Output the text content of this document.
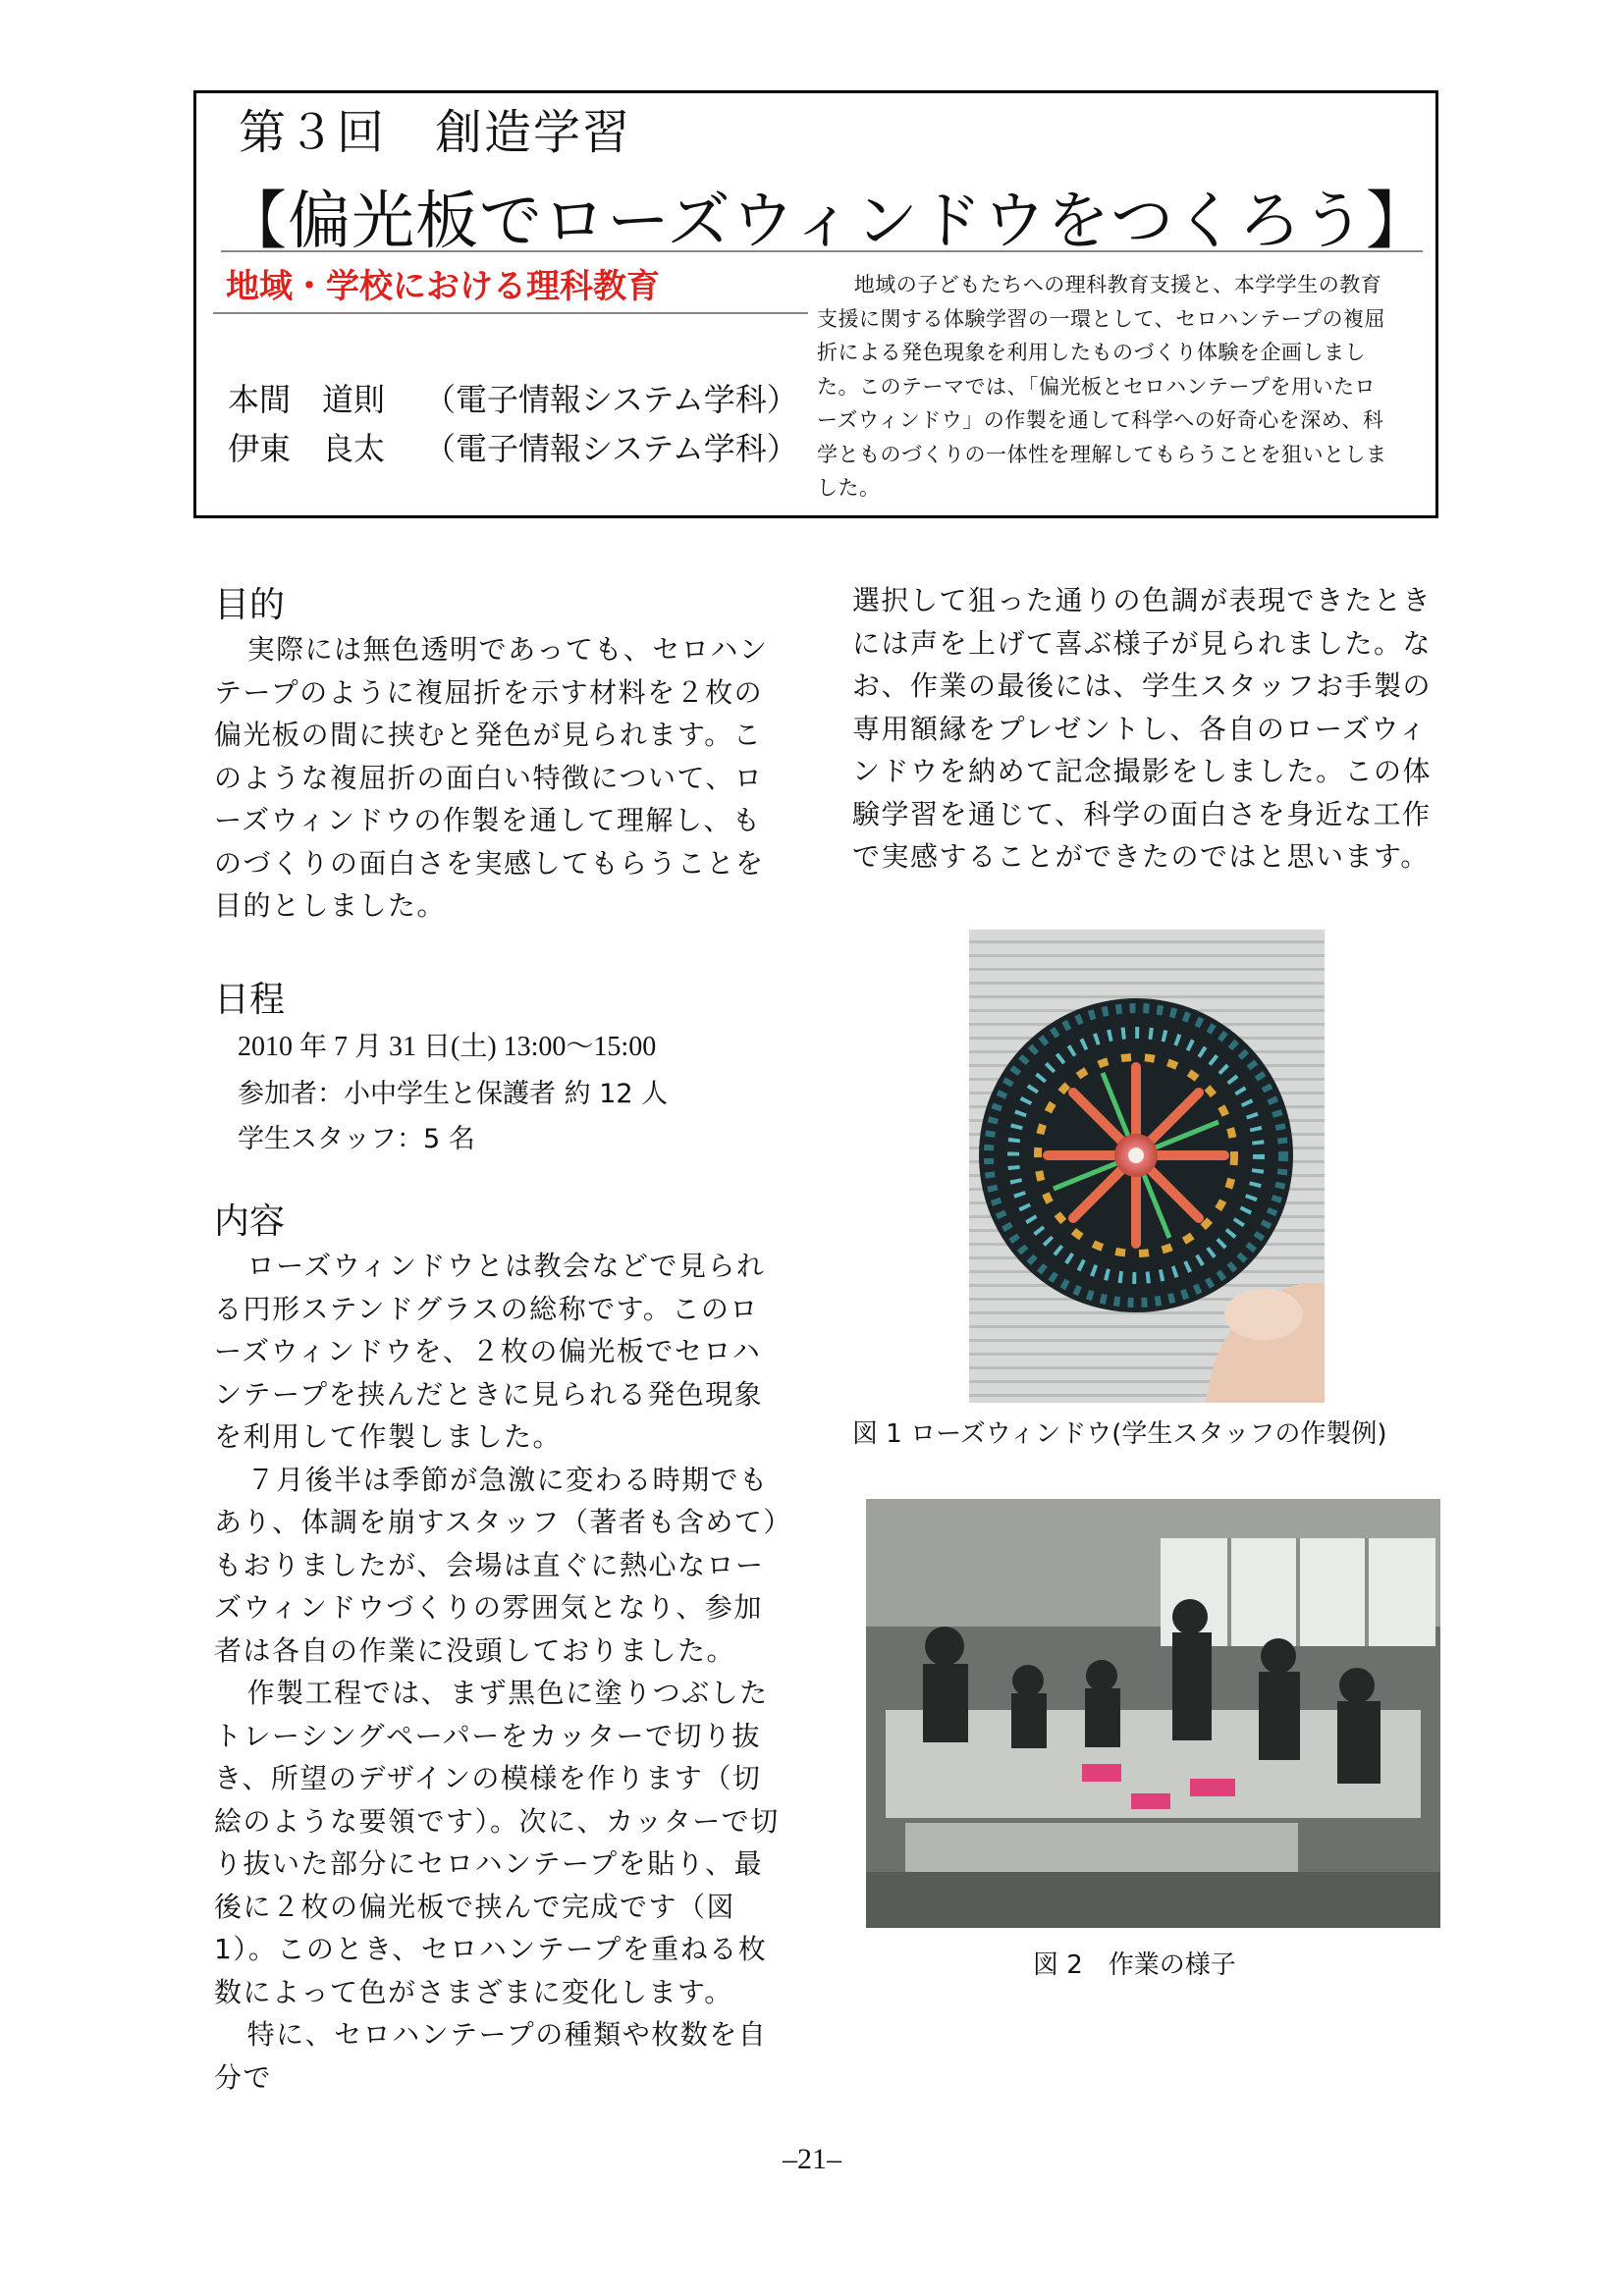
第３回　創造学習
【偏光板でローズウィンドウをつくろう】
地域・学校における理科教育
本間　道則 （電子情報システム学科）
伊東　良太 （電子情報システム学科）
地域の子どもたちへの理科教育支援と、本学学生の教育支援に関する体験学習の一環として、セロハンテープの複屈折による発色現象を利用したものづくり体験を企画しました。このテーマでは、「偏光板とセロハンテープを用いたローズウィンドウ」の作製を通して科学への好奇心を深め、科学とものづくりの一体性を理解してもらうことを狙いとしました。
目的

実際には無色透明であっても、セロハンテープのように複屈折を示す材料を２枚の偏光板の間に挟むと発色が見られます。このような複屈折の面白い特徴について、ローズウィンドウの作製を通して理解し、ものづくりの面白さを実感してもらうことを目的としました。

日程
2010 年 7 月 31 日(土) 13:00～15:00
参加者：小中学生と保護者 約 12 人
学生スタッフ：5 名
内容

ローズウィンドウとは教会などで見られる円形ステンドグラスの総称です。このローズウィンドウを、２枚の偏光板でセロハンテープを挟んだときに見られる発色現象を利用して作製しました。

７月後半は季節が急激に変わる時期でもあり、体調を崩すスタッフ（著者も含めて）もおりましたが、会場は直ぐに熱心なローズウィンドウづくりの雰囲気となり、参加者は各自の作業に没頭しておりました。

作製工程では、まず黒色に塗りつぶしたトレーシングペーパーをカッターで切り抜き、所望のデザインの模様を作ります（切絵のような要領です）。次に、カッターで切り抜いた部分にセロハンテープを貼り、最後に２枚の偏光板で挟んで完成です（図 1）。このとき、セロハンテープを重ねる枚数によって色がさまざまに変化します。

特に、セロハンテープの種類や枚数を自分で

選択して狙った通りの色調が表現できたときには声を上げて喜ぶ様子が見られました。なお、作業の最後には、学生スタッフお手製の専用額縁をプレゼントし、各自のローズウィンドウを納めて記念撮影をしました。この体験学習を通じて、科学の面白さを身近な工作で実感することができたのではと思います。

図 1 ローズウィンドウ(学生スタッフの作製例)
図 2　作業の様子
–21–
